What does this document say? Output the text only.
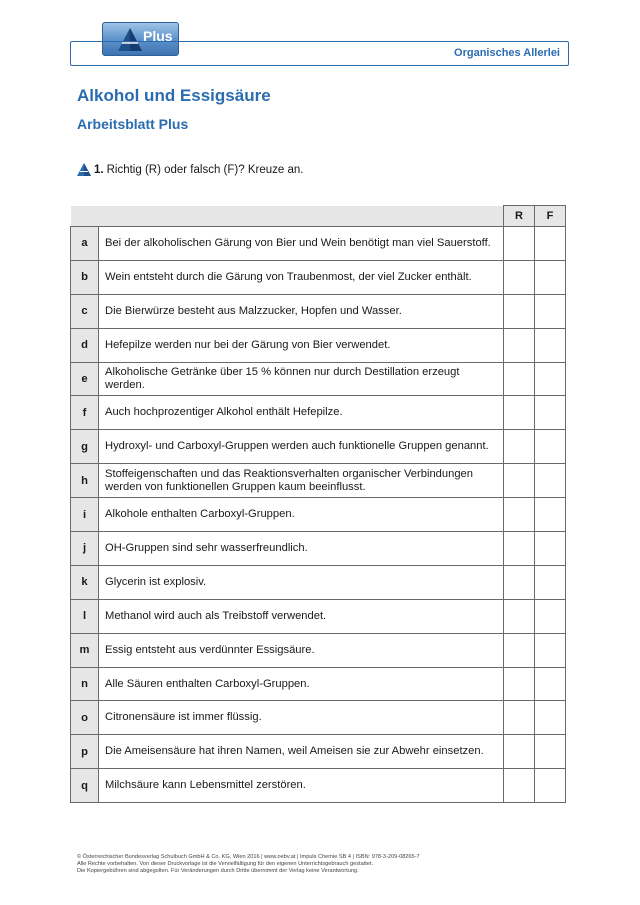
Plus
Organisches Allerlei
Alkohol und Essigsäure
Arbeitsblatt Plus
1. Richtig (R) oder falsch (F)? Kreuze an.
		R	F
a	Bei der alkoholischen Gärung von Bier und Wein benötigt man viel Sauerstoff.		
b	Wein entsteht durch die Gärung von Traubenmost, der viel Zucker enthält.		
c	Die Bierwürze besteht aus Malzzucker, Hopfen und Wasser.		
d	Hefepilze werden nur bei der Gärung von Bier verwendet.		
e	Alkoholische Getränke über 15 % können nur durch Destillation erzeugt werden.		
f	Auch hochprozentiger Alkohol enthält Hefepilze.		
g	Hydroxyl- und Carboxyl-Gruppen werden auch funktionelle Gruppen genannt.		
h	Stoffeigenschaften und das Reaktionsverhalten organischer Verbindungen werden von funktionellen Gruppen kaum beeinflusst.		
i	Alkohole enthalten Carboxyl-Gruppen.		
j	OH-Gruppen sind sehr wasserfreundlich.		
k	Glycerin ist explosiv.		
l	Methanol wird auch als Treibstoff verwendet.		
m	Essig entsteht aus verdünnter Essigsäure.		
n	Alle Säuren enthalten Carboxyl-Gruppen.		
o	Citronensäure ist immer flüssig.		
p	Die Ameisensäure hat ihren Namen, weil Ameisen sie zur Abwehr einsetzen.		
q	Milchsäure kann Lebensmittel zerstören.		
© Österreichischer Bundesverlag Schulbuch GmbH & Co. KG, Wien 2016 | www.oebv.at | Impuls Chemie SB 4 | ISBN: 978-3-209-08265-7
Alle Rechte vorbehalten. Von dieser Druckvorlage ist die Vervielfältigung für den eigenen Unterrichtsgebrauch gestattet.
Die Kopiergebühren sind abgegolten. Für Veränderungen durch Dritte übernimmt der Verlag keine Verantwortung.
